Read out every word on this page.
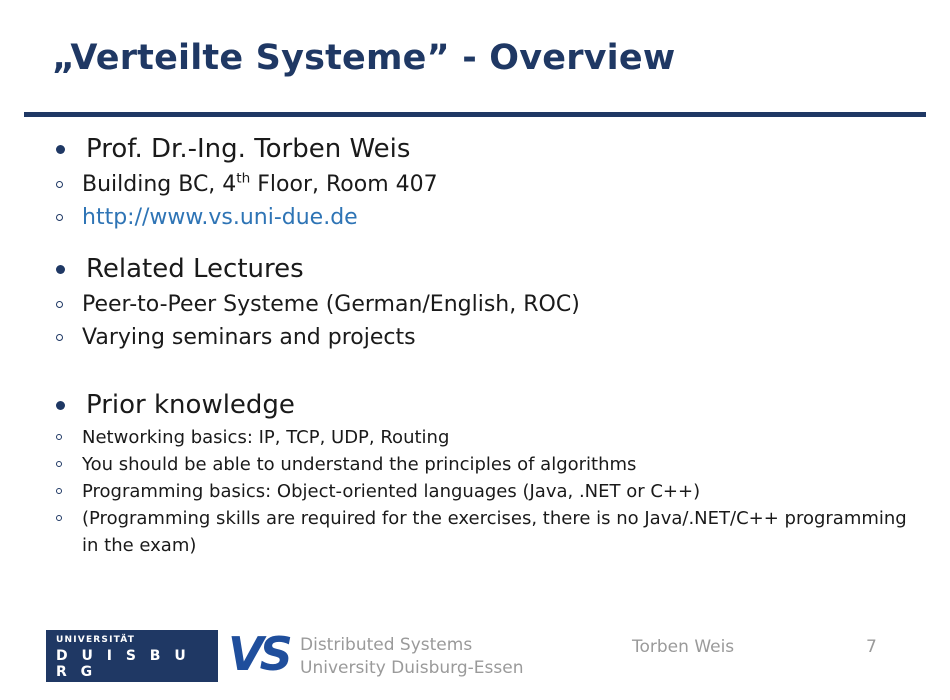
„Verteilte Systeme” - Overview
Prof. Dr.-Ing. Torben Weis
Building BC, 4th Floor, Room 407
http://www.vs.uni-due.de
Related Lectures
Peer-to-Peer Systeme (German/English, ROC)
Varying seminars and projects
Prior knowledge
Networking basics: IP, TCP, UDP, Routing
You should be able to understand the principles of algorithms
Programming basics: Object-oriented languages (Java, .NET or C++)
(Programming skills are required for the exercises, there is no Java/.NET/C++ programming in the exam)
UNIVERSITÄT
D U I S B U R G
E S S E N
VS Distributed Systems
University Duisburg-Essen
Torben Weis	7
